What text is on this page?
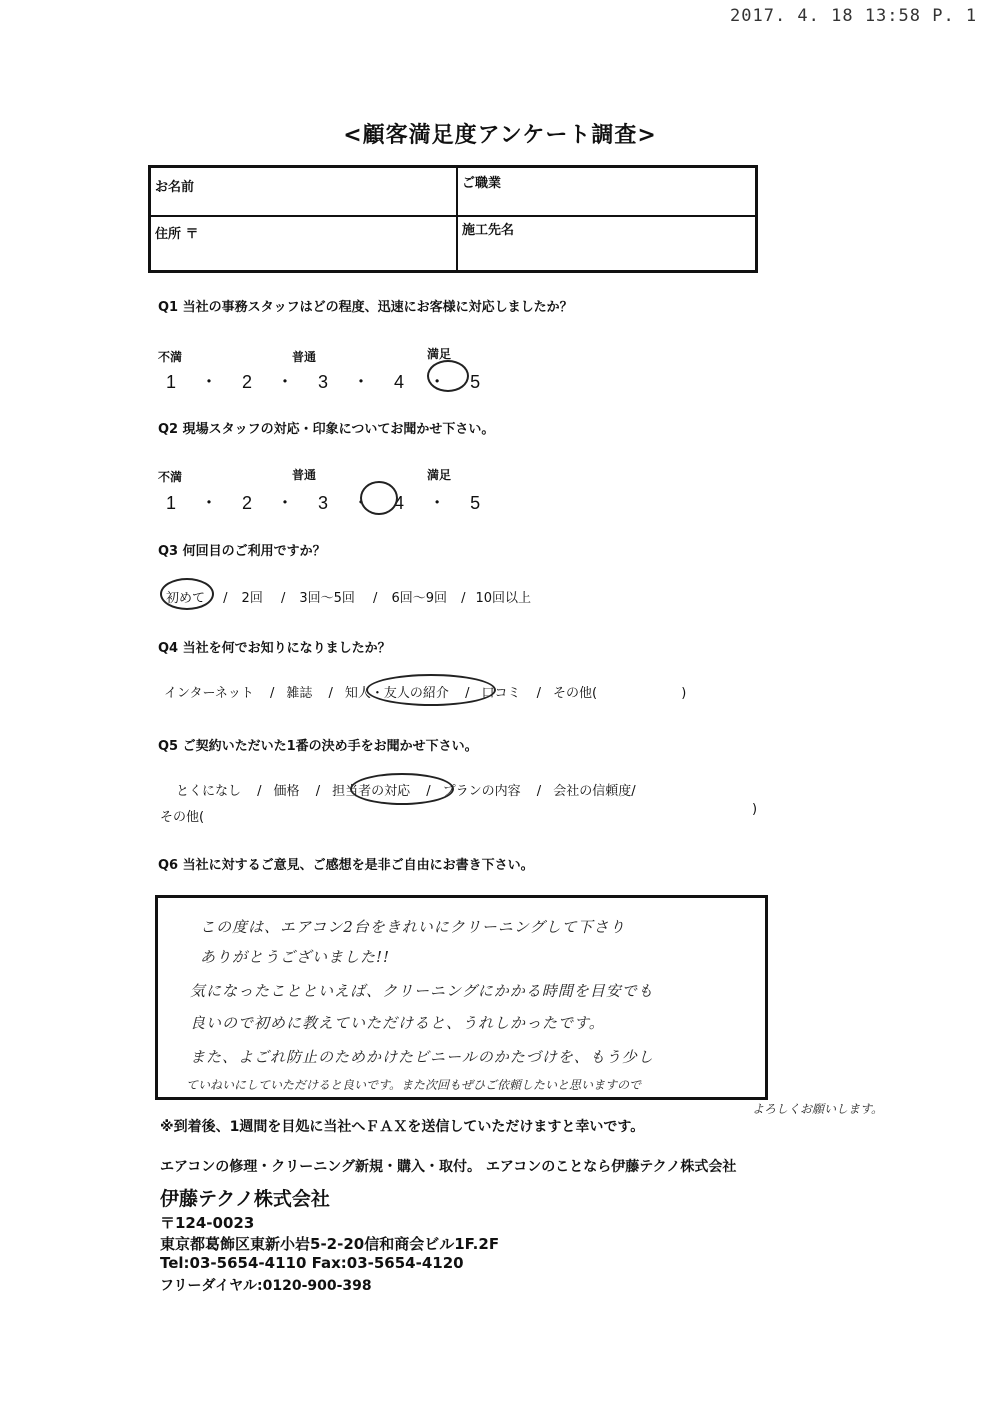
2017. 4. 18 13:58 P. 1
<顧客満足度アンケート調査>
お名前	ご職業
住所 〒	施工先名
Q1 当社の事務スタッフはどの程度、迅速にお客様に対応しましたか？
不満	普通	満足
1 ・ 2 ・ 3 ・ 4 ・ 5
Q2 現場スタッフの対応・印象についてお聞かせ下さい。
不満	普通	満足
1 ・ 2 ・ 3 ・ 4 ・ 5
Q3 何回目のご利用ですか？
初めて / 2回 / 3回～5回 / 6回～9回 / 10回以上
Q4 当社を何でお知りになりましたか？
インターネット / 雑誌 / 知人・友人の紹介 / 口コミ / その他(	)
Q5 ご契約いただいた1番の決め手をお聞かせ下さい。
とくになし / 価格 / 担当者の対応 / プランの内容 / 会社の信頼度/
その他(
)
Q6 当社に対するご意見、ご感想を是非ご自由にお書き下さい。
この度は、エアコン2台をきれいにクリーニングして下さり
ありがとうございました!!
気になったことといえば、クリーニングにかかる時間を目安でも
良いので初めに教えていただけると、うれしかったです。
また、よごれ防止のためかけたビニールのかたづけを、もう少し
ていねいにしていただけると良いです。また次回もぜひご依頼したいと思いますので
よろしくお願いします。
※到着後、1週間を目処に当社へＦＡＸを送信していただけますと幸いです。
エアコンの修理・クリーニング新規・購入・取付。 エアコンのことなら伊藤テクノ株式会社
伊藤テクノ株式会社
〒124-0023
東京都葛飾区東新小岩5-2-20信和商会ビル1F.2F
Tel:03-5654-4110 Fax:03-5654-4120
フリーダイヤル:0120-900-398
